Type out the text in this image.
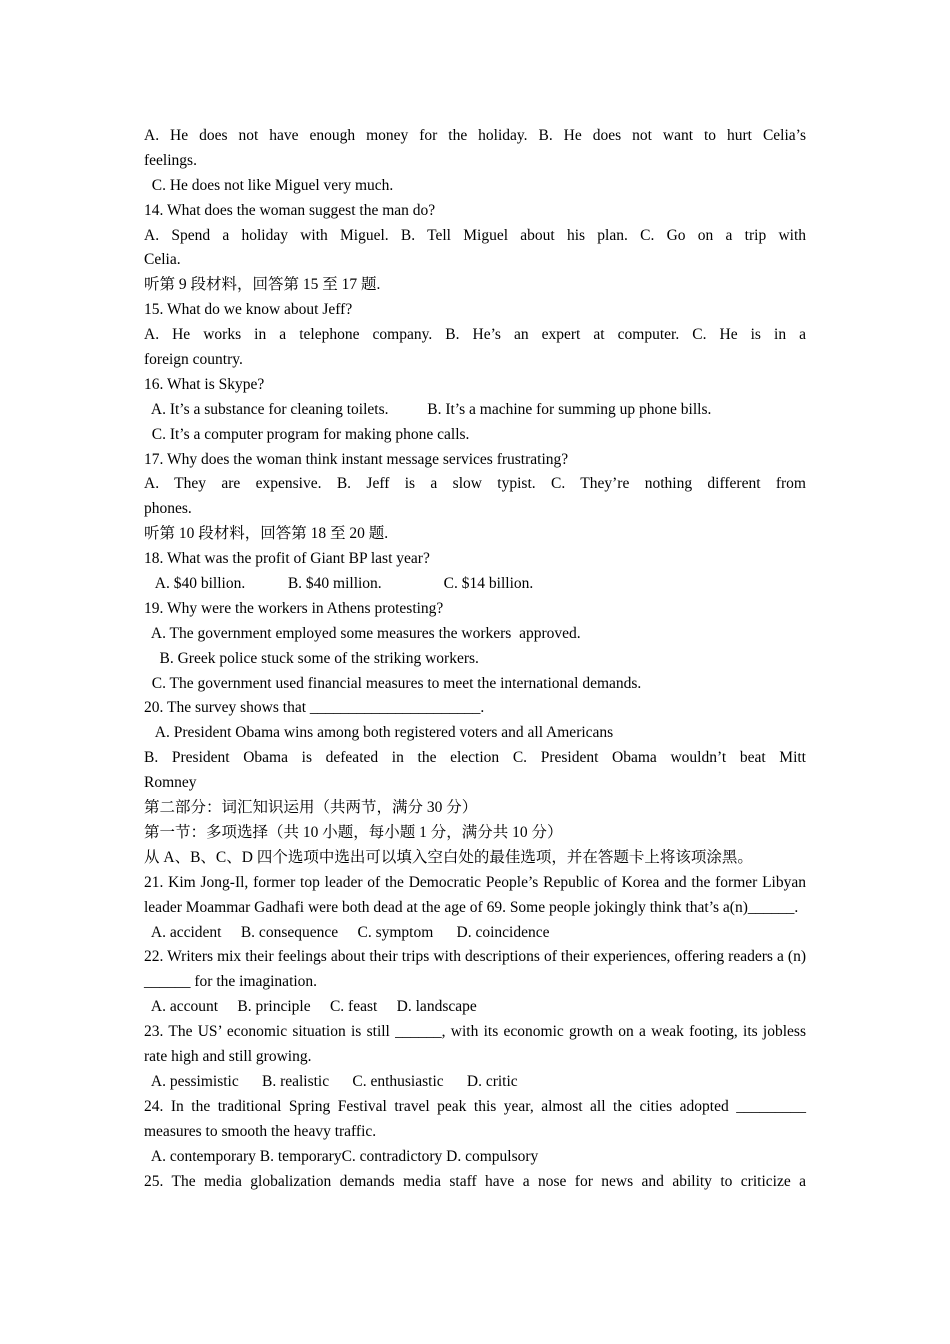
A. He does not have enough money for the holiday. B. He does not want to hurt Celia’s
feelings.
C. He does not like Miguel very much.
14. What does the woman suggest the man do?
A. Spend a holiday with Miguel. B. Tell Miguel about his plan. C. Go on a trip with
Celia.
听第 9 段材料，回答第 15 至 17 题.
15. What do we know about Jeff?
A. He works in a telephone company. B. He’s an expert at computer. C. He is in a
foreign country.
16. What is Skype?
A. It’s a substance for cleaning toilets.          B. It’s a machine for summing up phone bills.
C. It’s a computer program for making phone calls.
17. Why does the woman think instant message services frustrating?
A. They are expensive. B. Jeff is a slow typist. C. They’re nothing different from
phones.
听第 10 段材料，回答第 18 至 20 题.
18. What was the profit of Giant BP last year?
A. $40 billion.           B. $40 million.                C. $14 billion.
19. Why were the workers in Athens protesting?
A. The government employed some measures the workers  approved.
B. Greek police stuck some of the striking workers.
C. The government used financial measures to meet the international demands.
20. The survey shows that ______________________.
A. President Obama wins among both registered voters and all Americans
B. President Obama is defeated in the election C. President Obama wouldn’t beat Mitt
Romney
第二部分：词汇知识运用（共两节，满分 30 分）
第一节：多项选择（共 10 小题，每小题 1 分，满分共 10 分）
从 A、B、C、D 四个选项中选出可以填入空白处的最佳选项，并在答题卡上将该项涂黑。
21. Kim Jong-Il, former top leader of the Democratic People’s Republic of Korea and the former Libyan leader Moammar Gadhafi were both dead at the age of 69. Some people jokingly think that’s a(n)______.
A. accident     B. consequence     C. symptom      D. coincidence
22. Writers mix their feelings about their trips with descriptions of their experiences, offering readers a (n) ______ for the imagination.
A. account     B. principle     C. feast     D. landscape
23. The US’ economic situation is still ______, with its economic growth on a weak footing, its jobless rate high and still growing.
A. pessimistic      B. realistic      C. enthusiastic      D. critic
24. In the traditional Spring Festival travel peak this year, almost all the cities adopted _________ measures to smooth the heavy traffic.
A. contemporary B. temporaryC. contradictory D. compulsory
25. The media globalization demands media staff have a nose for news and ability to criticize a
